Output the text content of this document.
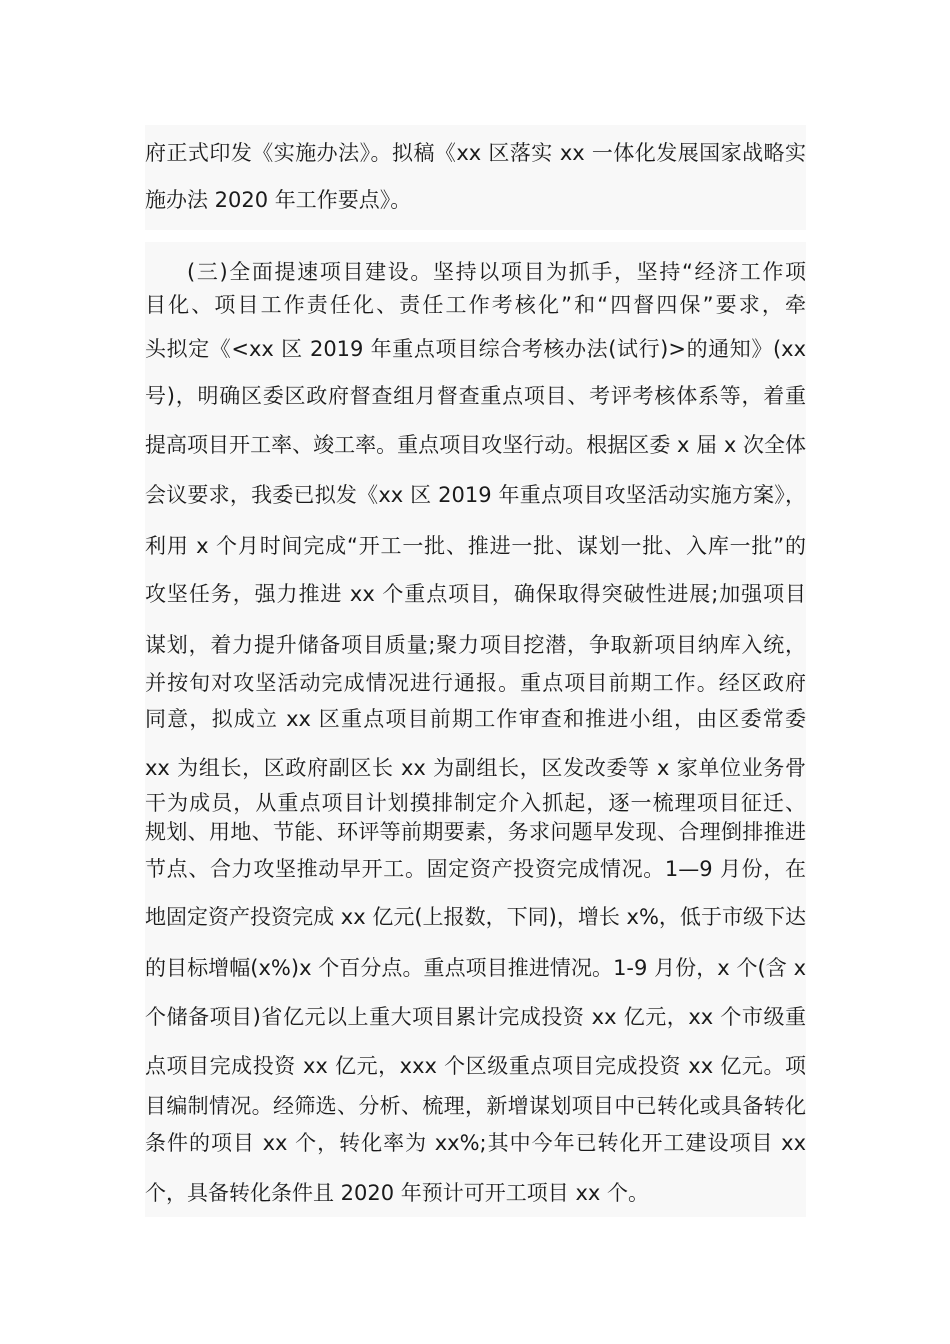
府正式印发《实施办法》。拟稿《xx 区落实 xx 一体化发展国家战略实
施办法 2020 年工作要点》。
(三)全面提速项目建设。坚持以项目为抓手，坚持“经济工作项
目化、项目工作责任化、责任工作考核化”和“四督四保”要求，牵
头拟定《<xx 区 2019 年重点项目综合考核办法(试行)>的通知》(xx
号)，明确区委区政府督查组月督查重点项目、考评考核体系等，着重
提高项目开工率、竣工率。重点项目攻坚行动。根据区委 x 届 x 次全体
会议要求，我委已拟发《xx 区 2019 年重点项目攻坚活动实施方案》，
利用 x 个月时间完成“开工一批、推进一批、谋划一批、入库一批”的
攻坚任务，强力推进 xx 个重点项目，确保取得突破性进展;加强项目
谋划，着力提升储备项目质量;聚力项目挖潜，争取新项目纳库入统，
并按旬对攻坚活动完成情况进行通报。重点项目前期工作。经区政府
同意，拟成立 xx 区重点项目前期工作审查和推进小组，由区委常委
xx 为组长，区政府副区长 xx 为副组长，区发改委等 x 家单位业务骨
干为成员，从重点项目计划摸排制定介入抓起，逐一梳理项目征迁、
规划、用地、节能、环评等前期要素，务求问题早发现、合理倒排推进
节点、合力攻坚推动早开工。固定资产投资完成情况。1—9 月份，在
地固定资产投资完成 xx 亿元(上报数，下同)，增长 x%，低于市级下达
的目标增幅(x%)x 个百分点。重点项目推进情况。1-9 月份，x 个(含 x
个储备项目)省亿元以上重大项目累计完成投资 xx 亿元，xx 个市级重
点项目完成投资 xx 亿元，xxx 个区级重点项目完成投资 xx 亿元。项
目编制情况。经筛选、分析、梳理，新增谋划项目中已转化或具备转化
条件的项目 xx 个，转化率为 xx%;其中今年已转化开工建设项目 xx
个，具备转化条件且 2020 年预计可开工项目 xx 个。
